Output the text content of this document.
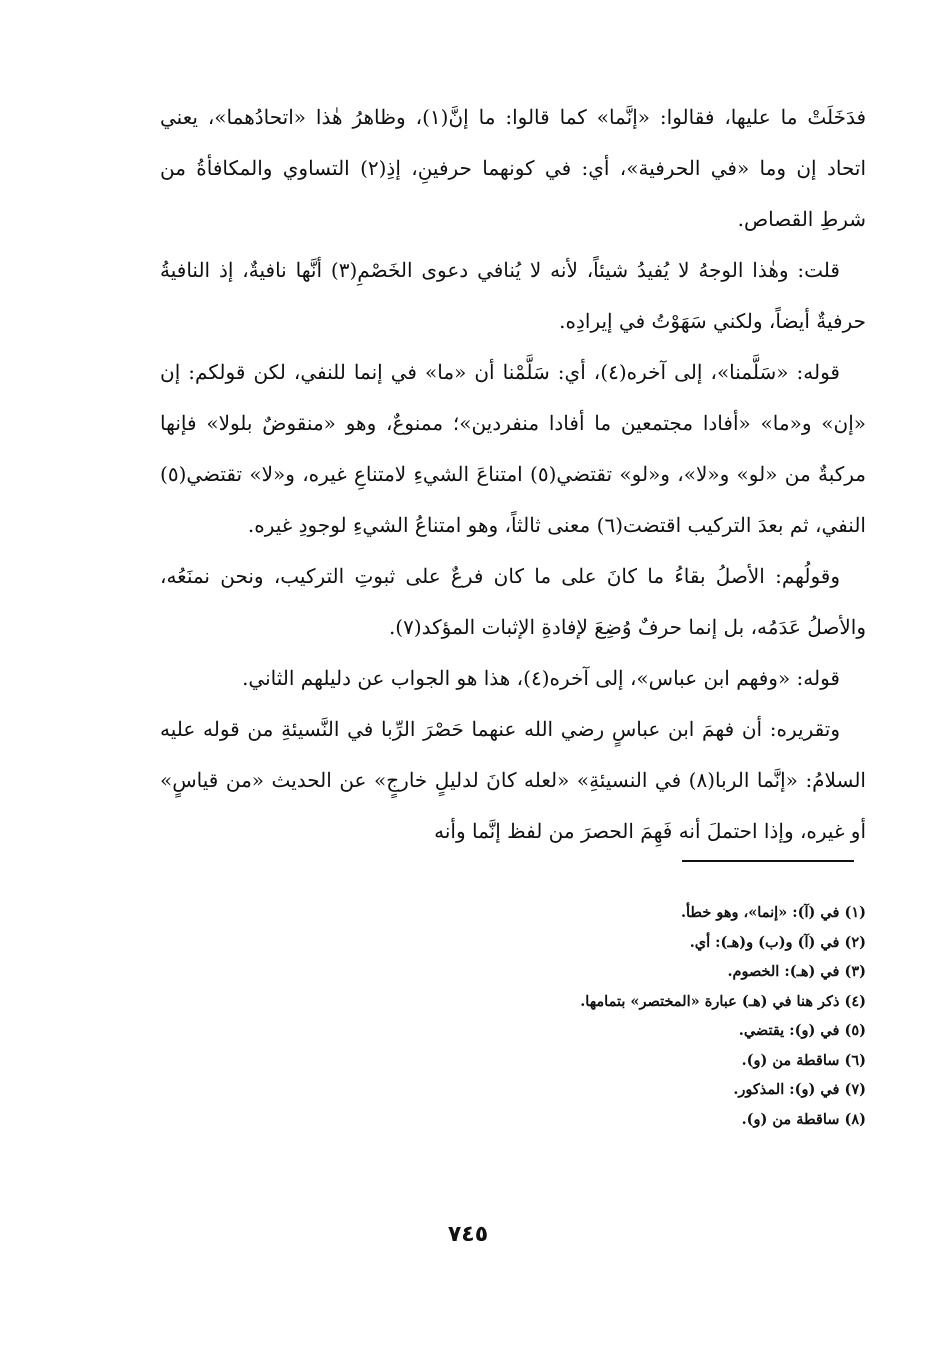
فدَخَلَتْ ما عليها، فقالوا: «إنَّما» كما قالوا: ما إنَّ(١)، وظاهرُ هٰذا «اتحادُهما»، يعني اتحاد إن وما «في الحرفية»، أي: في كونهما حرفينِ، إذِ(٢) التساوي والمكافأةُ من شرطِ القصاص.

قلت: وهٰذا الوجهُ لا يُفيدُ شيئاً، لأنه لا يُنافي دعوى الخَصْمِ(٣) أنَّها نافيةٌ، إذ النافيةُ حرفيةٌ أيضاً، ولكني سَهَوْتُ في إيرادِه.

قوله: «سَلَّمنا»، إلى آخره(٤)، أي: سَلَّمْنا أن «ما» في إنما للنفي، لكن قولكم: إن «إن» و«ما» «أفادا مجتمعين ما أفادا منفردين»؛ ممنوعٌ، وهو «منقوضٌ بلولا» فإنها مركبةٌ من «لو» و«لا»، و«لو» تقتضي(٥) امتناعَ الشيءِ لامتناعِ غيره، و«لا» تقتضي(٥) النفي، ثم بعدَ التركيب اقتضت(٦) معنى ثالثاً، وهو امتناعُ الشيءِ لوجودِ غيره.

وقولُهم: الأصلُ بقاءُ ما كانَ على ما كان فرعٌ على ثبوتِ التركيب، ونحن نمنَعُه، والأصلُ عَدَمُه، بل إنما حرفٌ وُضِعَ لإفادةِ الإثبات المؤكد(٧).

قوله: «وفهم ابن عباس»، إلى آخره(٤)، هذا هو الجواب عن دليلهم الثاني.

وتقريره: أن فهمَ ابن عباسٍ رضي الله عنهما حَصْرَ الرِّبا في النَّسيئةِ من قوله عليه السلامُ: «إنَّما الربا(٨) في النسيئةِ» «لعله كانَ لدليلٍ خارجٍ» عن الحديث «من قياسٍ» أو غيره، وإذا احتملَ أنه فَهِمَ الحصرَ من لفظ إنَّما وأنه

(١) في (آ): «إنما»، وهو خطأ.

(٢) في (آ) و(ب) و(هـ): أي.

(٣) في (هـ): الخصوم.

(٤) ذكر هنا في (هـ) عبارة «المختصر» بتمامها.

(٥) في (و): يقتضي.

(٦) ساقطة من (و).

(٧) في (و): المذكور.

(٨) ساقطة من (و).

٧٤٥
